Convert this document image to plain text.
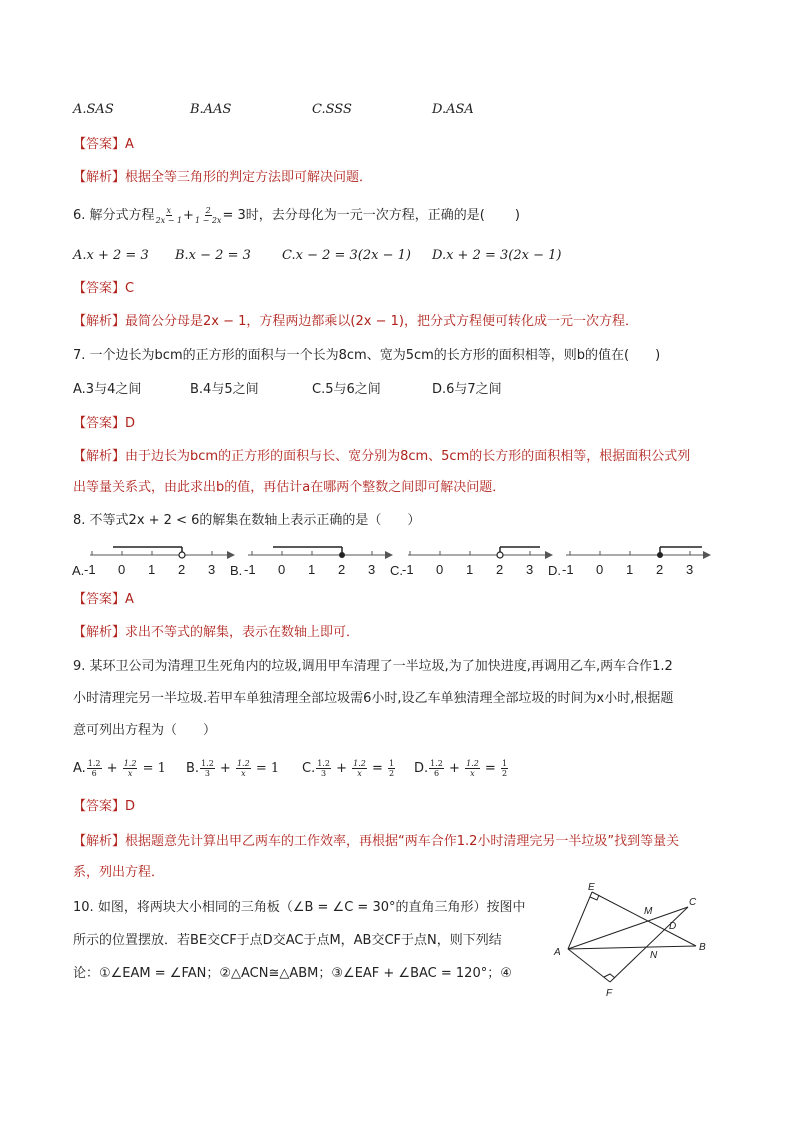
A.SAS	B.AAS	C.SSS	D.ASA
【答案】A
【解析】根据全等三角形的判定方法即可解决问题．
6. 解分式方程 $\frac{x}{2x - 1} + \frac{2}{1 - 2x} = 3$时，去分母化为一元一次方程，正确的是( )
A.x + 2 = 3 B.x − 2 = 3 C.x − 2 = 3(2x − 1) D.x + 2 = 3(2x − 1)
【答案】C
【解析】最简公分母是2x − 1，方程两边都乘以(2x − 1)，把分式方程便可转化成一元一次方程．
7. 一个边长为bcm的正方形的面积与一个长为8cm、宽为5cm的长方形的面积相等，则b的值在(　　)
A.3与4之间	B.4与5之间	C.5与6之间	D.6与7之间
【答案】D
【解析】由于边长为bcm的正方形的面积与长、宽分别为8cm、5cm的长方形的面积相等，根据面积公式列
出等量关系式，由此求出b的值，再估计a在哪两个整数之间即可解决问题．
8. 不等式2x + 2 < 6的解集在数轴上表示正确的是（　　）
A. -1 0 1 2 3 B. -1 0 1 2 3 C. -1 0 1 2 3 D. -1 0 1 2 3
【答案】A
【解析】求出不等式的解集，表示在数轴上即可．
9. 某环卫公司为清理卫生死角内的垃圾,调用甲车清理了一半垃圾,为了加快进度,再调用乙车,两车合作1.2
小时清理完另一半垃圾.若甲车单独清理全部垃圾需6小时,设乙车单独清理全部垃圾的时间为x小时,根据题
意可列出方程为（　　）
A. $\frac{1.2}{6} + \frac{1.2}{x} = 1$ B. $\frac{1.2}{3} + \frac{1.2}{x} = 1$ C. $\frac{1.2}{3} + \frac{1.2}{x} = \frac{1}{2} D$. $\frac{1.2}{6} + \frac{1.2}{x} = \frac{1}{2}$
【答案】D
【解析】根据题意先计算出甲乙两车的工作效率，再根据“两车合作1.2小时清理完另一半垃圾”找到等量关
系，列出方程．
10. 如图，将两块大小相同的三角板（∠B = ∠C = 30°的直角三角形）按图中
所示的位置摆放．若BE交CF于点D交AC于点M，AB交CF于点N，则下列结
论：①∠EAM = ∠FAN；②△ACN≅△ABM；③∠EAF + ∠BAC = 120°；④
E
M
C
D
B
A	N
F
